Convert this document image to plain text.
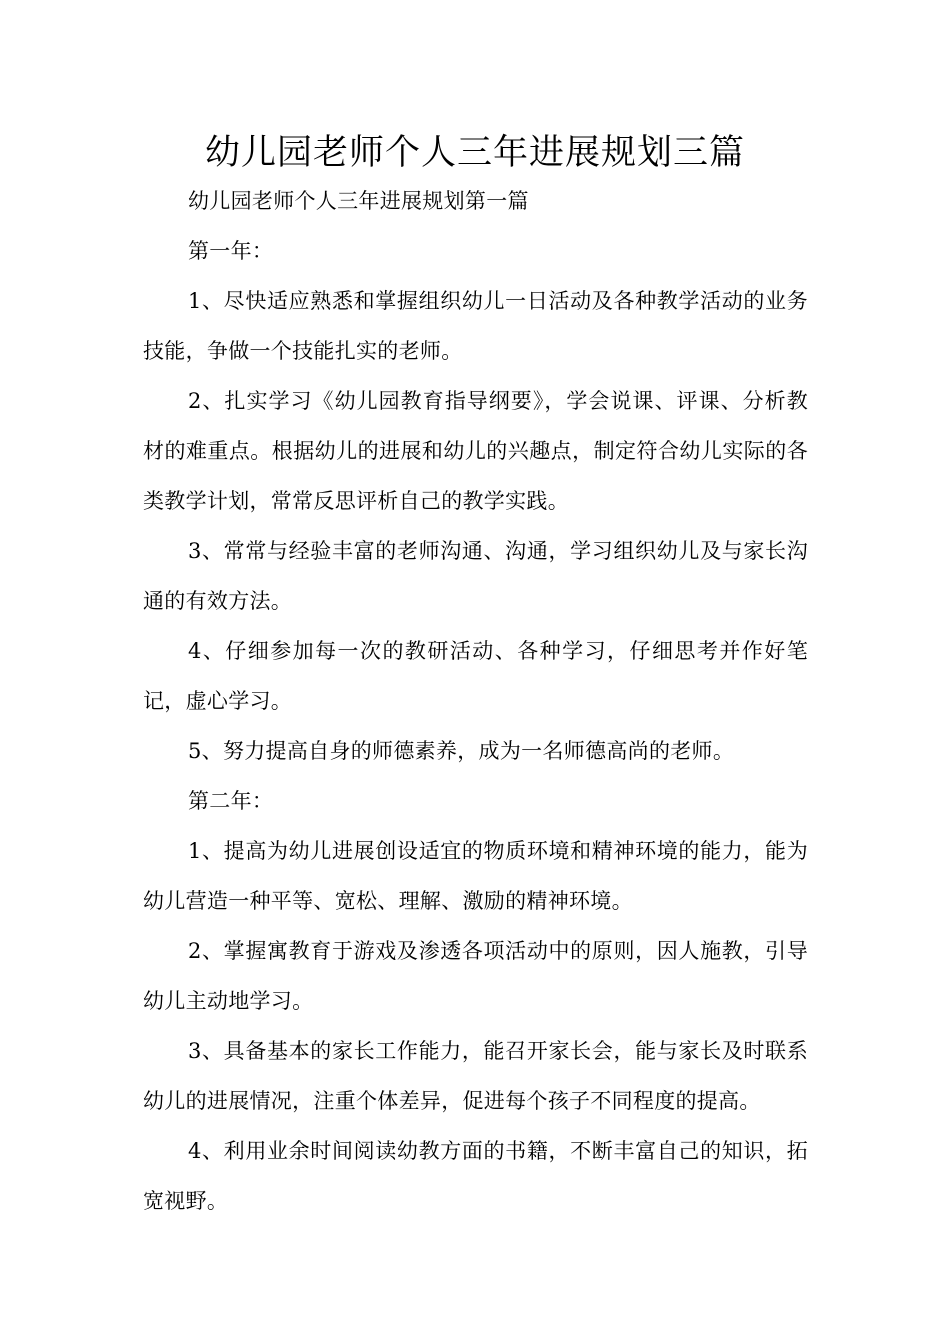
幼儿园老师个人三年进展规划三篇

幼儿园老师个人三年进展规划第一篇

第一年：

1、尽快适应熟悉和掌握组织幼儿一日活动及各种教学活动的业务技能，争做一个技能扎实的老师。

2、扎实学习《幼儿园教育指导纲要》，学会说课、评课、分析教材的难重点。根据幼儿的进展和幼儿的兴趣点，制定符合幼儿实际的各类教学计划，常常反思评析自己的教学实践。

3、常常与经验丰富的老师沟通、沟通，学习组织幼儿及与家长沟通的有效方法。

4、仔细参加每一次的教研活动、各种学习，仔细思考并作好笔记，虚心学习。

5、努力提高自身的师德素养，成为一名师德高尚的老师。

第二年：

1、提高为幼儿进展创设适宜的物质环境和精神环境的能力，能为幼儿营造一种平等、宽松、理解、激励的精神环境。

2、掌握寓教育于游戏及渗透各项活动中的原则，因人施教，引导幼儿主动地学习。

3、具备基本的家长工作能力，能召开家长会，能与家长及时联系幼儿的进展情况，注重个体差异，促进每个孩子不同程度的提高。

4、利用业余时间阅读幼教方面的书籍，不断丰富自己的知识，拓宽视野。
